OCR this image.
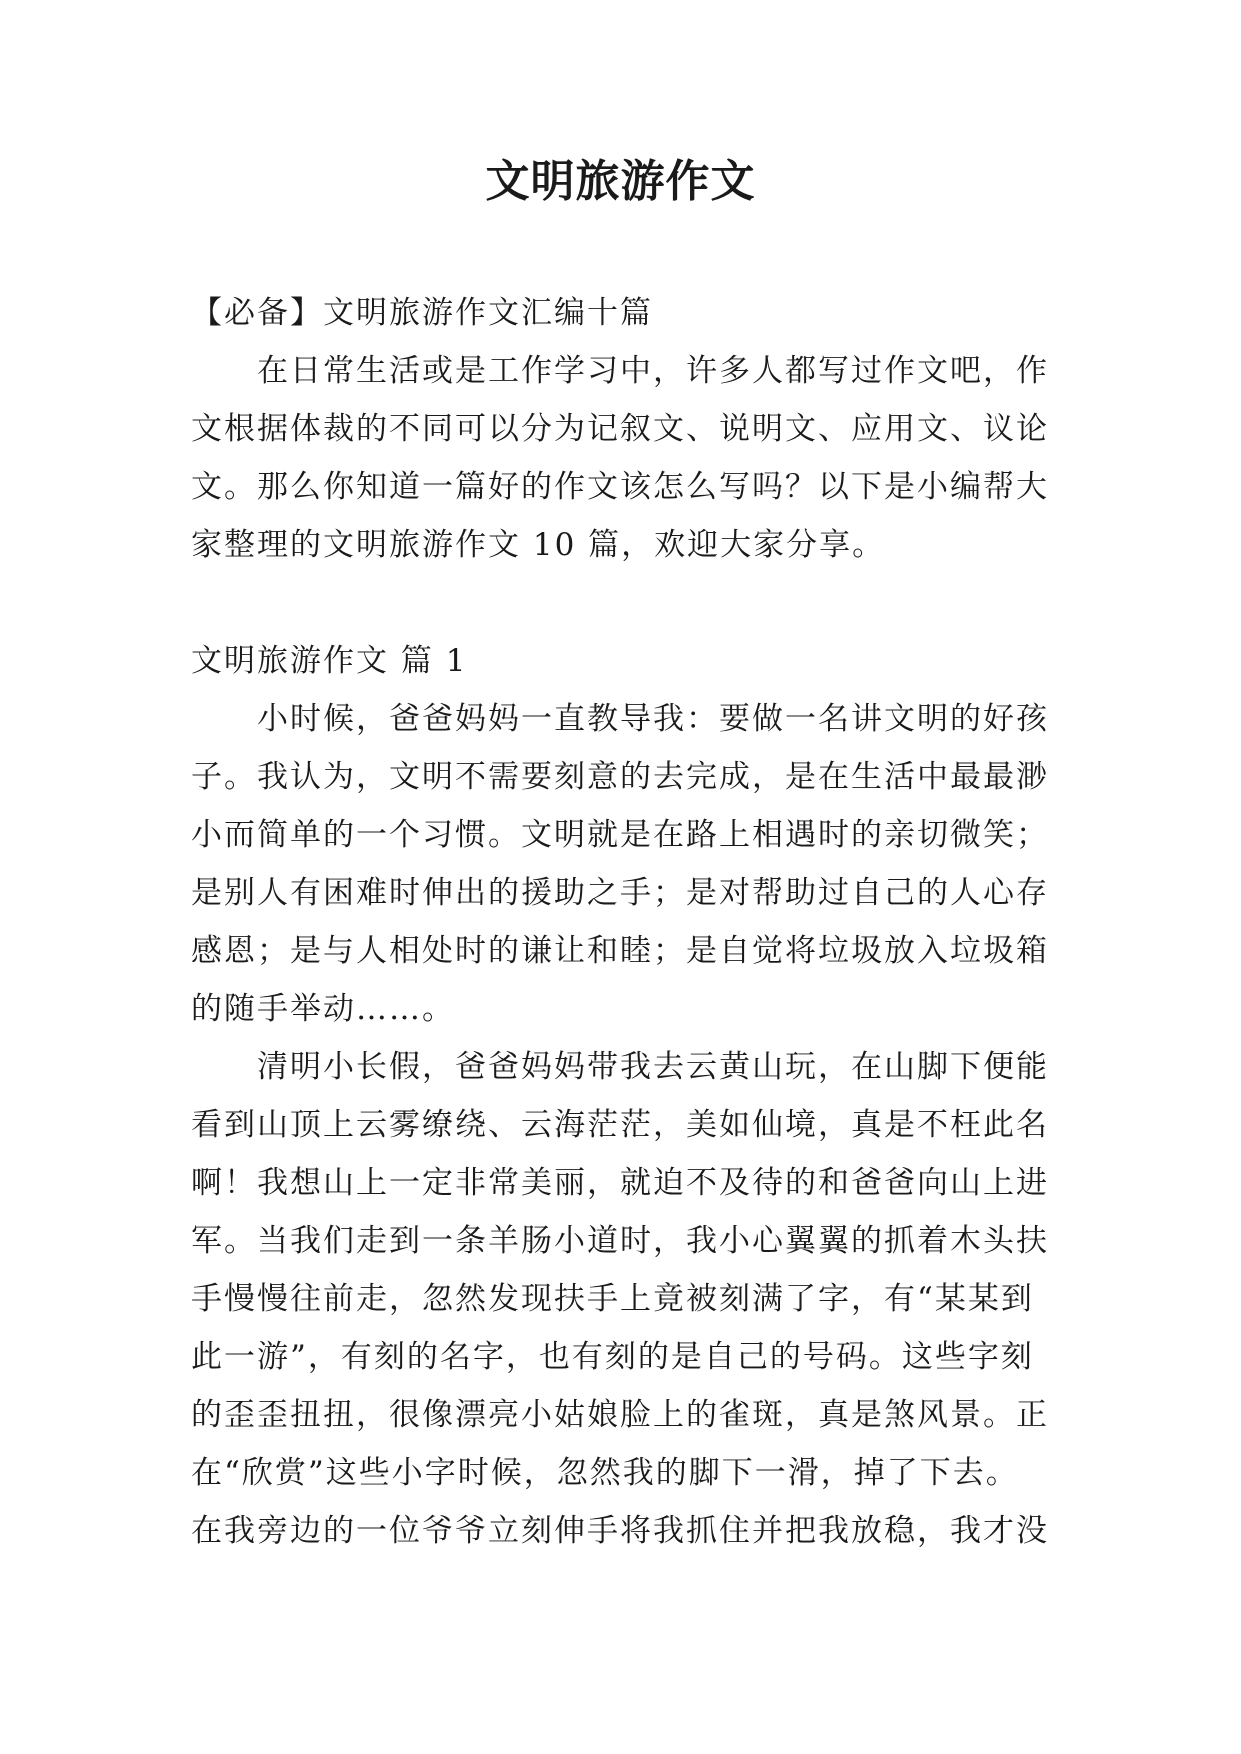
文明旅游作文
【必备】文明旅游作文汇编十篇
在日常生活或是工作学习中，许多人都写过作文吧，作
文根据体裁的不同可以分为记叙文、说明文、应用文、议论
文。那么你知道一篇好的作文该怎么写吗？以下是小编帮大
家整理的文明旅游作文 10 篇，欢迎大家分享。
文明旅游作文 篇 1
小时候，爸爸妈妈一直教导我：要做一名讲文明的好孩
子。我认为，文明不需要刻意的去完成，是在生活中最最渺
小而简单的一个习惯。文明就是在路上相遇时的亲切微笑；
是别人有困难时伸出的援助之手；是对帮助过自己的人心存
感恩；是与人相处时的谦让和睦；是自觉将垃圾放入垃圾箱
的随手举动……。
清明小长假，爸爸妈妈带我去云黄山玩，在山脚下便能
看到山顶上云雾缭绕、云海茫茫，美如仙境，真是不枉此名
啊！我想山上一定非常美丽，就迫不及待的和爸爸向山上进
军。当我们走到一条羊肠小道时，我小心翼翼的抓着木头扶
手慢慢往前走，忽然发现扶手上竟被刻满了字，有“某某到
此一游”，有刻的名字，也有刻的是自己的号码。这些字刻
的歪歪扭扭，很像漂亮小姑娘脸上的雀斑，真是煞风景。正
在“欣赏”这些小字时候，忽然我的脚下一滑，掉了下去。
在我旁边的一位爷爷立刻伸手将我抓住并把我放稳，我才没
